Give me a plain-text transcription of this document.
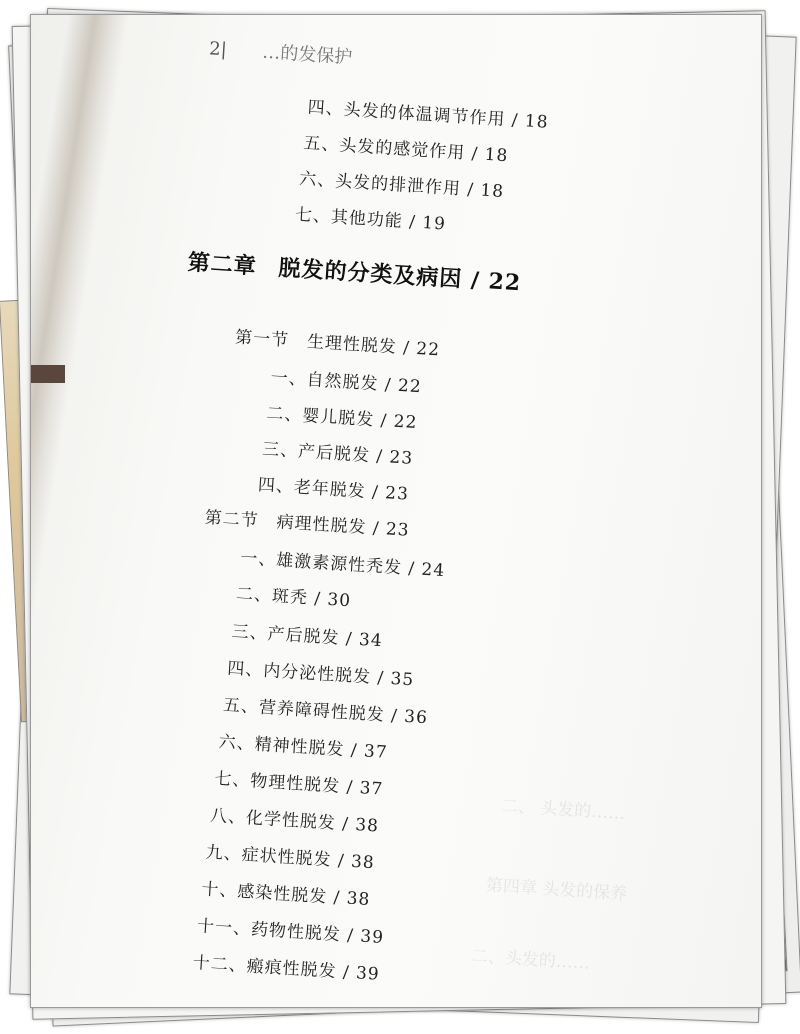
二、 头发的……
第四章 头发的保养
二、头发的……
2| …的发保护
四、头发的体温调节作用 / 18
五、头发的感觉作用 / 18
六、头发的排泄作用 / 18
七、其他功能 / 19
第二章 脱发的分类及病因 / 22
第一节 生理性脱发 / 22
一、自然脱发 / 22
二、婴儿脱发 / 22
三、产后脱发 / 23
四、老年脱发 / 23
第二节 病理性脱发 / 23
一、雄激素源性秃发 / 24
二、斑秃 / 30
三、产后脱发 / 34
四、内分泌性脱发 / 35
五、营养障碍性脱发 / 36
六、精神性脱发 / 37
七、物理性脱发 / 37
八、化学性脱发 / 38
九、症状性脱发 / 38
十、感染性脱发 / 38
十一、药物性脱发 / 39
十二、瘢痕性脱发 / 39
